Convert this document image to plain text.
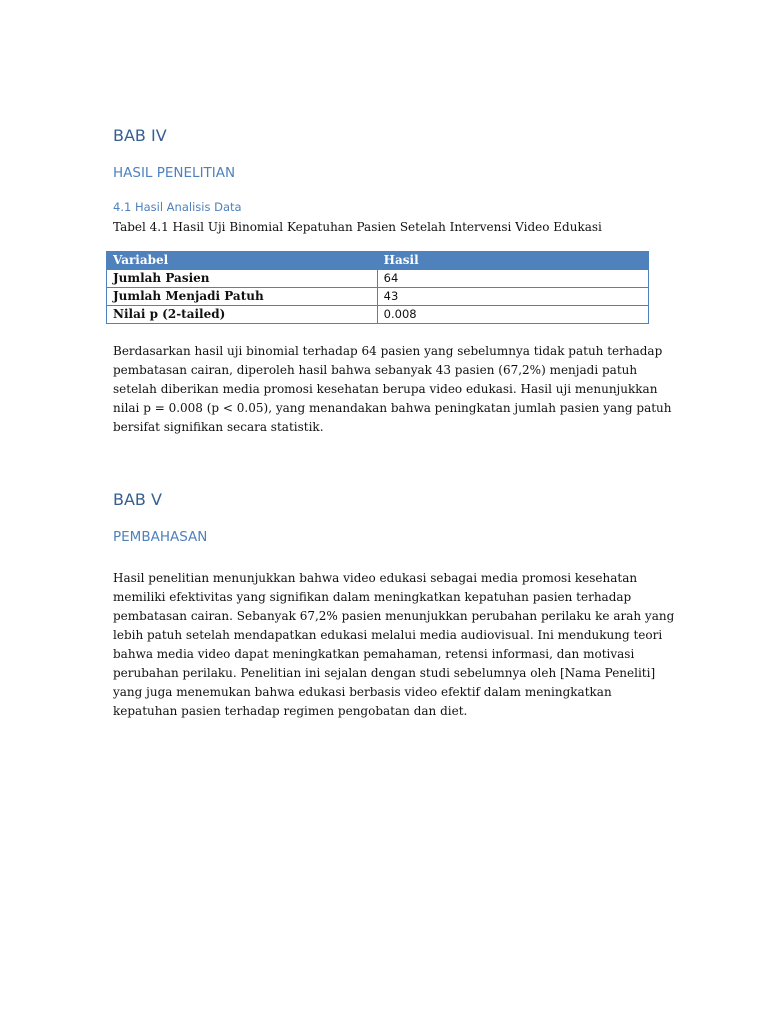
BAB IV
HASIL PENELITIAN
4.1 Hasil Analisis Data

Tabel 4.1 Hasil Uji Binomial Kepatuhan Pasien Setelah Intervensi Video Edukasi

Variabel	Hasil
Jumlah Pasien	64
Jumlah Menjadi Patuh	43
Nilai p (2-tailed)	0.008
Berdasarkan hasil uji binomial terhadap 64 pasien yang sebelumnya tidak patuh terhadap
pembatasan cairan, diperoleh hasil bahwa sebanyak 43 pasien (67,2%) menjadi patuh
setelah diberikan media promosi kesehatan berupa video edukasi. Hasil uji menunjukkan
nilai p = 0.008 (p < 0.05), yang menandakan bahwa peningkatan jumlah pasien yang patuh
bersifat signifikan secara statistik.
BAB V
PEMBAHASAN
Hasil penelitian menunjukkan bahwa video edukasi sebagai media promosi kesehatan
memiliki efektivitas yang signifikan dalam meningkatkan kepatuhan pasien terhadap
pembatasan cairan. Sebanyak 67,2% pasien menunjukkan perubahan perilaku ke arah yang
lebih patuh setelah mendapatkan edukasi melalui media audiovisual. Ini mendukung teori
bahwa media video dapat meningkatkan pemahaman, retensi informasi, dan motivasi
perubahan perilaku. Penelitian ini sejalan dengan studi sebelumnya oleh [Nama Peneliti]
yang juga menemukan bahwa edukasi berbasis video efektif dalam meningkatkan
kepatuhan pasien terhadap regimen pengobatan dan diet.
